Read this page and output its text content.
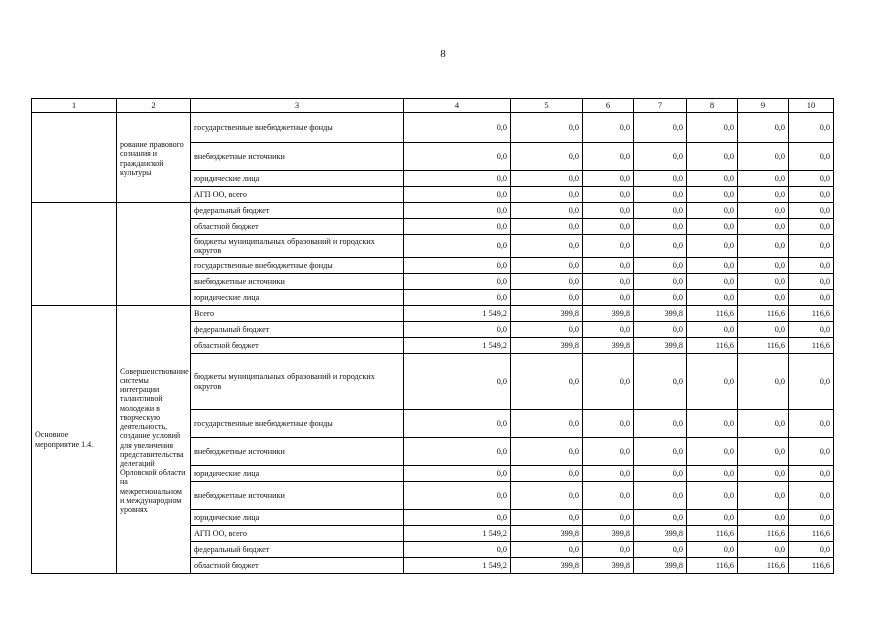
8
1	2	3	4	5	6	7	8	9	10
	рование правового сознания и гражданской культуры	государственные внебюджетные фонды	0,0	0,0	0,0	0,0	0,0	0,0	0,0
		внебюджетные источники	0,0	0,0	0,0	0,0	0,0	0,0	0,0
		юридические лица	0,0	0,0	0,0	0,0	0,0	0,0	0,0
		АГП ОО, всего	0,0	0,0	0,0	0,0	0,0	0,0	0,0
		федеральный бюджет	0,0	0,0	0,0	0,0	0,0	0,0	0,0
		областной бюджет	0,0	0,0	0,0	0,0	0,0	0,0	0,0
		бюджеты муниципальных образований и городских округов	0,0	0,0	0,0	0,0	0,0	0,0	0,0
		государственные внебюджетные фонды	0,0	0,0	0,0	0,0	0,0	0,0	0,0
		внебюджетные источники	0,0	0,0	0,0	0,0	0,0	0,0	0,0
		юридические лица	0,0	0,0	0,0	0,0	0,0	0,0	0,0
Основное мероприятие 1.4.	Совершенствование системы интеграции талантливой молодежи в творческую деятельность, создание условий для увеличения представительства делегаций Орловской области на межрегиональном и международном уровнях	Всего	1 549,2	399,8	399,8	399,8	116,6	116,6	116,6
		федеральный бюджет	0,0	0,0	0,0	0,0	0,0	0,0	0,0
		областной бюджет	1 549,2	399,8	399,8	399,8	116,6	116,6	116,6
		бюджеты муниципальных образований и городских округов	0,0	0,0	0,0	0,0	0,0	0,0	0,0
		государственные внебюджетные фонды	0,0	0,0	0,0	0,0	0,0	0,0	0,0
		внебюджетные источники	0,0	0,0	0,0	0,0	0,0	0,0	0,0
		юридические лица	0,0	0,0	0,0	0,0	0,0	0,0	0,0
		внебюджетные источники	0,0	0,0	0,0	0,0	0,0	0,0	0,0
		юридические лица	0,0	0,0	0,0	0,0	0,0	0,0	0,0
		АГП ОО, всего	1 549,2	399,8	399,8	399,8	116,6	116,6	116,6
		федеральный бюджет	0,0	0,0	0,0	0,0	0,0	0,0	0,0
		областной бюджет	1 549,2	399,8	399,8	399,8	116,6	116,6	116,6
